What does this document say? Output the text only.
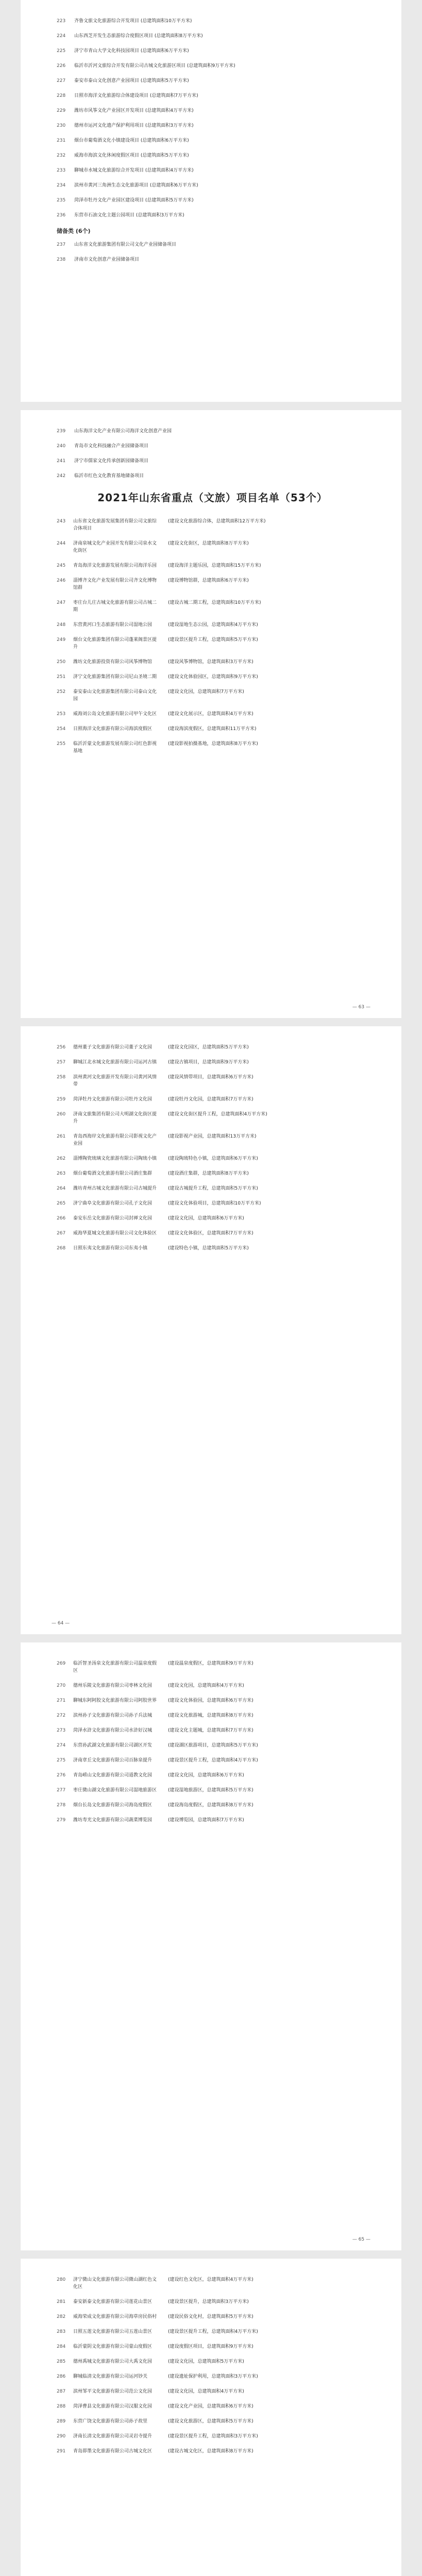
223	齐鲁文旅文化旅游综合开发项目 (总建筑面积10万平方米)
224	山东西芝开发生态旅游综合度假区项目 (总建筑面积8万平方米)
225	济宁市青山大学文化科技园项目 (总建筑面积6万平方米)
226	临沂市沂河文旅综合开发有限公司古城文化旅游区项目 (总建筑面积9万平方米)
227	泰安市泰山文化创意产业园项目 (总建筑面积5万平方米)
228	日照市海洋文化旅游综合体建设项目 (总建筑面积7万平方米)
229	潍坊市风筝文化产业园区开发项目 (总建筑面积4万平方米)
230	德州市运河文化遗产保护利用项目 (总建筑面积3万平方米)
231	烟台市葡萄酒文化小镇建设项目 (总建筑面积6万平方米)
232	威海市海滨文化休闲度假区项目 (总建筑面积5万平方米)
233	聊城市水城文化旅游综合开发项目 (总建筑面积4万平方米)
234	滨州市黄河三角洲生态文化旅游项目 (总建筑面积6万平方米)
235	菏泽市牡丹文化产业园区建设项目 (总建筑面积5万平方米)
236	东营市石油文化主题公园项目 (总建筑面积3万平方米)
储备类 (6个)
237	山东省文化旅游集团有限公司文化产业园储备项目
238	济南市文化创意产业园储备项目
239	山东海洋文化产业有限公司海洋文化创意产业园
240	青岛市文化科技融合产业园储备项目
241	济宁市儒家文化传承创新园储备项目
242	临沂市红色文化教育基地储备项目
2021年山东省重点（文旅）项目名单（53个）
243	山东省文化旅游发展集团有限公司文旅综合体项目
(建设文化旅游综合体，总建筑面积12万平方米)
244	济南泉城文化产业园开发有限公司泉水文化街区
(建设文化街区，总建筑面积8万平方米)
245	青岛海洋文化旅游发展有限公司海洋乐园	(建设海洋主题乐园，总建筑面积15万平方米)
246	淄博齐文化产业发展有限公司齐文化博物馆群
(建设博物馆群，总建筑面积6万平方米)
247	枣庄台儿庄古城文化旅游有限公司古城二期
(建设古城二期工程，总建筑面积10万平方米)
248	东营黄河口生态旅游有限公司湿地公园	(建设湿地生态公园，总建筑面积4万平方米)
249	烟台文化旅游集团有限公司蓬莱阁景区提升
(建设景区提升工程，总建筑面积5万平方米)
250	潍坊文化旅游投资有限公司风筝博物馆	(建设风筝博物馆，总建筑面积3万平方米)
251	济宁文化旅游集团有限公司尼山圣境二期	(建设文化体验园区，总建筑面积9万平方米)
252	泰安泰山文化旅游集团有限公司泰山文化园
(建设文化园，总建筑面积7万平方米)
253	威海刘公岛文化旅游有限公司甲午文化区	(建设文化展示区，总建筑面积4万平方米)
254	日照海洋文化旅游有限公司海滨度假区	(建设海滨度假区，总建筑面积11万平方米)
255	临沂沂蒙文化旅游发展有限公司红色影视基地
(建设影视拍摄基地，总建筑面积8万平方米)
— 63 —
256	德州董子文化旅游有限公司董子文化园	(建设文化园区，总建筑面积5万平方米)
257	聊城江北水城文化旅游有限公司运河古镇	(建设古镇项目，总建筑面积9万平方米)
258	滨州黄河文化旅游开发有限公司黄河风情带
(建设风情带项目，总建筑面积6万平方米)
259	菏泽牡丹文化旅游有限公司牡丹文化园	(建设牡丹文化园，总建筑面积7万平方米)
260	济南文旅集团有限公司大明湖文化街区提升
(建设文化街区提升工程，总建筑面积4万平方米)
261	青岛西海岸文化旅游有限公司影视文化产业园
(建设影视产业园，总建筑面积13万平方米)
262	淄博陶瓷琉璃文化旅游有限公司陶琉小镇	(建设陶琉特色小镇，总建筑面积6万平方米)
263	烟台葡萄酒文化旅游有限公司酒庄集群	(建设酒庄集群，总建筑面积8万平方米)
264	潍坊青州古城文化旅游有限公司古城提升	(建设古城提升工程，总建筑面积5万平方米)
265	济宁曲阜文化旅游有限公司孔子文化园	(建设文化体验项目，总建筑面积10万平方米)
266	泰安东岳文化旅游有限公司封禅文化园	(建设文化园，总建筑面积6万平方米)
267	威海华夏城文化旅游有限公司文化体验区	(建设文化体验区，总建筑面积7万平方米)
268	日照东夷文化旅游有限公司东夷小镇	(建设特色小镇，总建筑面积5万平方米)
— 64 —
269	临沂智圣汤泉文化旅游有限公司温泉度假区
(建设温泉度假区，总建筑面积9万平方米)
270	德州乐陵文化旅游有限公司枣林文化园	(建设文化园，总建筑面积4万平方米)
271	聊城东阿阿胶文化旅游有限公司阿胶世界	(建设文化体验园，总建筑面积6万平方米)
272	滨州孙子文化旅游有限公司孙子兵法城	(建设文化旅游城，总建筑面积8万平方米)
273	菏泽水浒文化旅游有限公司水浒好汉城	(建设文化主题城，总建筑面积7万平方米)
274	东营孙武湖文化旅游有限公司湖区开发	(建设湖区旅游项目，总建筑面积5万平方米)
275	济南章丘文化旅游有限公司百脉泉提升	(建设景区提升工程，总建筑面积4万平方米)
276	青岛崂山文化旅游有限公司道教文化园	(建设文化园，总建筑面积6万平方米)
277	枣庄微山湖文化旅游有限公司湿地旅游区	(建设湿地旅游区，总建筑面积5万平方米)
278	烟台长岛文化旅游有限公司海岛度假区	(建设海岛度假区，总建筑面积8万平方米)
279	潍坊寿光文化旅游有限公司蔬菜博览园	(建设博览园，总建筑面积7万平方米)
— 65 —
280	济宁微山文化旅游有限公司微山湖红色文化区
(建设红色文化区，总建筑面积4万平方米)
281	泰安新泰文化旅游有限公司莲花山景区	(建设景区提升，总建筑面积3万平方米)
282	威海荣成文化旅游有限公司海草房民俗村	(建设民俗文化村，总建筑面积5万平方米)
283	日照五莲文化旅游有限公司五莲山景区	(建设景区提升工程，总建筑面积4万平方米)
284	临沂蒙阴文化旅游有限公司蒙山度假区	(建设度假区项目，总建筑面积9万平方米)
285	德州禹城文化旅游有限公司大禹文化园	(建设文化园，总建筑面积5万平方米)
286	聊城临清文化旅游有限公司运河钞关	(建设遗址保护利用，总建筑面积3万平方米)
287	滨州邹平文化旅游有限公司范公文化园	(建设文化园，总建筑面积4万平方米)
288	菏泽曹县文化旅游有限公司汉服文化园	(建设文化产业园，总建筑面积6万平方米)
289	东营广饶文化旅游有限公司孙子故里	(建设文化旅游区，总建筑面积5万平方米)
290	济南长清文化旅游有限公司灵岩寺提升	(建设景区提升工程，总建筑面积3万平方米)
291	青岛即墨文化旅游有限公司古城文化区	(建设古城文化区，总建筑面积8万平方米)
